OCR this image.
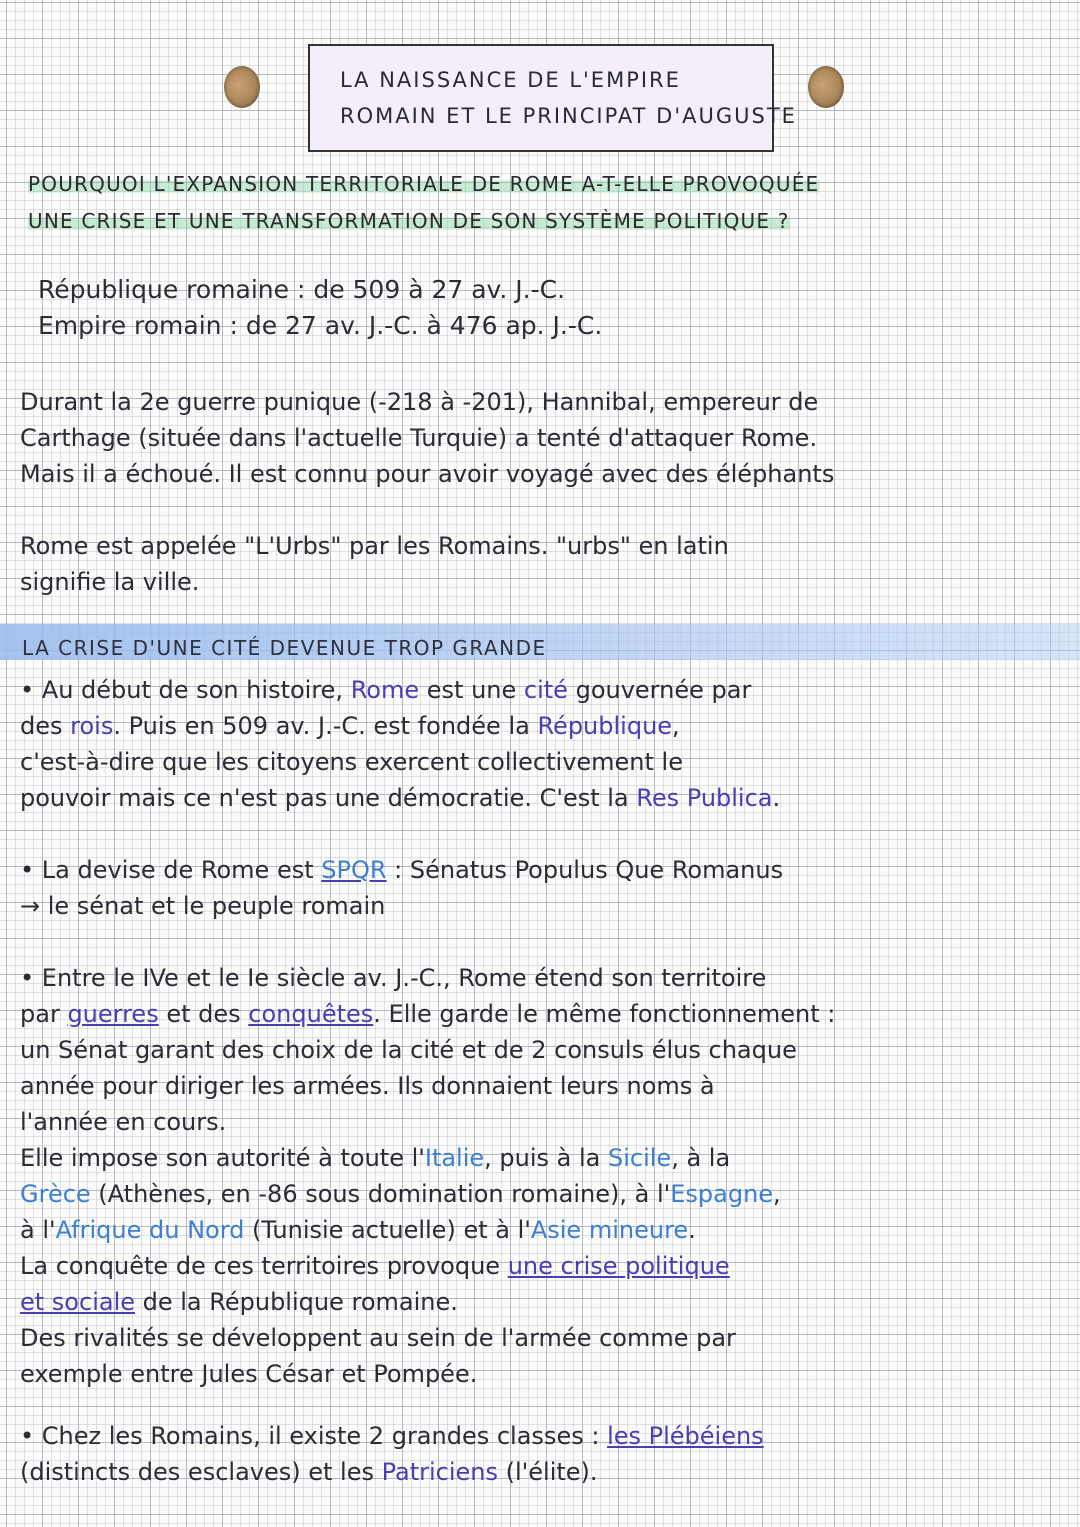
LA NAISSANCE DE L'EMPIRE
ROMAIN ET LE PRINCIPAT D'AUGUSTE
POURQUOI L'EXPANSION TERRITORIALE DE ROME A-T-ELLE PROVOQUÉE
UNE CRISE ET UNE TRANSFORMATION DE SON SYSTÈME POLITIQUE ?
République romaine : de 509 à 27 av. J.-C.
Empire romain : de 27 av. J.-C. à 476 ap. J.-C.
Durant la 2e guerre punique (-218 à -201), Hannibal, empereur de
Carthage (située dans l'actuelle Turquie) a tenté d'attaquer Rome.
Mais il a échoué. Il est connu pour avoir voyagé avec des éléphants
Rome est appelée "L'Urbs" par les Romains. "urbs" en latin
signifie la ville.
LA CRISE D'UNE CITÉ DEVENUE TROP GRANDE
• Au début de son histoire, Rome est une cité gouvernée par
des rois. Puis en 509 av. J.-C. est fondée la République,
c'est-à-dire que les citoyens exercent collectivement le
pouvoir mais ce n'est pas une démocratie. C'est la Res Publica.
• La devise de Rome est SPQR : Sénatus Populus Que Romanus
→ le sénat et le peuple romain
• Entre le IVe et le Ie siècle av. J.-C., Rome étend son territoire
par guerres et des conquêtes. Elle garde le même fonctionnement :
un Sénat garant des choix de la cité et de 2 consuls élus chaque
année pour diriger les armées. Ils donnaient leurs noms à
l'année en cours.
Elle impose son autorité à toute l'Italie, puis à la Sicile, à la
Grèce (Athènes, en -86 sous domination romaine), à l'Espagne,
à l'Afrique du Nord (Tunisie actuelle) et à l'Asie mineure.
La conquête de ces territoires provoque une crise politique
et sociale de la République romaine.
Des rivalités se développent au sein de l'armée comme par
exemple entre Jules César et Pompée.
• Chez les Romains, il existe 2 grandes classes : les Plébéiens
(distincts des esclaves) et les Patriciens (l'élite).
